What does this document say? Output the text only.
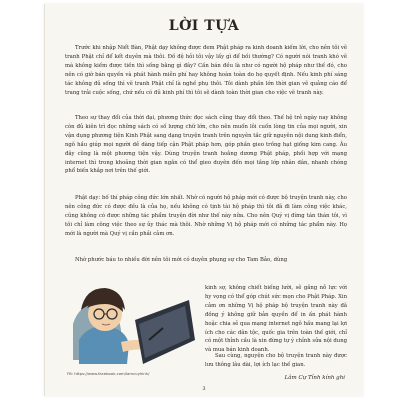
LỜI TỰA

Trước khi nhập Niết Bàn, Phật dạy không được đem Phật pháp ra kinh doanh kiếm lời, cho nên tôi vẽ tranh Phật chỉ để kết duyên mà thôi. Đồ đệ hỏi tôi vậy lấy gì để bồi thường? Có người nói tranh khó vẽ mà không kiếm được tiền thì sống bằng gì đây? Cần bán đều là như có người hộ pháp như thế đó, cho nên có giờ bán quyền và phát hành miễn phí hay không hoàn toàn do họ quyết định. Nếu kinh phí sáng tác không đủ sống thì vẽ tranh Phật chỉ là nghề phụ thôi. Tôi dành phần lớn thời gian vẽ quảng cáo để trang trải cuộc sống, chứ nếu có đủ kinh phí thì tôi sẽ dành toàn thời gian cho việc vẽ tranh này.

Theo sự thay đổi của thời đại, phương thức đọc sách cũng thay đổi theo. Thế hệ trẻ ngày nay không còn đủ kiên trì đọc những sách có số lượng chữ lớn, cho nên muốn lôi cuốn lòng tin của mọi người, xin vận dụng phương tiện Kinh Phật sang dạng truyện tranh trên nguyên tắc giữ nguyên nội dung kinh điển, ngõ hầu giúp mọi người dễ dàng tiếp cận Phật pháp hơn, góp phần gieo trồng hạt giống kim cang. Âu đây cũng là một phương tiện vậy. Dùng truyện tranh hoằng dương Phật pháp, phối hợp với mạng internet thì trong khoảng thời gian ngắn có thể gieo duyên đến mọi tầng lớp nhân dân, nhanh chóng phổ biến khắp nơi trên thế giới.

Phật dạy: bố thí pháp công đức lớn nhất. Nhờ có người hộ pháp mới có được bộ truyện tranh này, cho nên công đức có được đều là của họ, nếu không có tịnh tài hộ pháp thì tôi đã đi làm công việc khác, cũng không có được những tác phẩm truyện đời như thế này nữa. Cho nên Quý vị đừng tán thán tôi, vì tôi chỉ làm công việc theo sự ủy thác mà thôi. Nhờ những Vị hộ pháp mới có những tác phẩm này. Họ mới là người mà Quý vị cần phải cảm ơn.

Nhờ phước báu to nhiều đời nên tôi mới có duyên phụng sự cho Tam Bảo, dùng

kinh sợ, không chiết biếng lười, sẽ gắng nỗ lực với hy vọng có thể góp chút sức mọn cho Phật Pháp. Xin cảm ơn những Vị hộ pháp bộ truyện tranh này đã đồng ý không giữ bản quyền để in ấn phát hành hoặc chia sẻ qua mạng internet ngõ hầu mang lại lợi ích cho các dân tộc, quốc gia trên toàn thế giới, chỉ có một thỉnh cầu là xin đừng tự ý chỉnh sửa nội dung và mua bán kinh doanh.

Sau cùng, nguyện cho bộ truyện tranh này được lưu thông lâu dài, lợi ích lạc thế gian.

FB: https://www.facebook.com/lamcuyhinh/
Lâm Cự Tỉnh kính ghi
3
